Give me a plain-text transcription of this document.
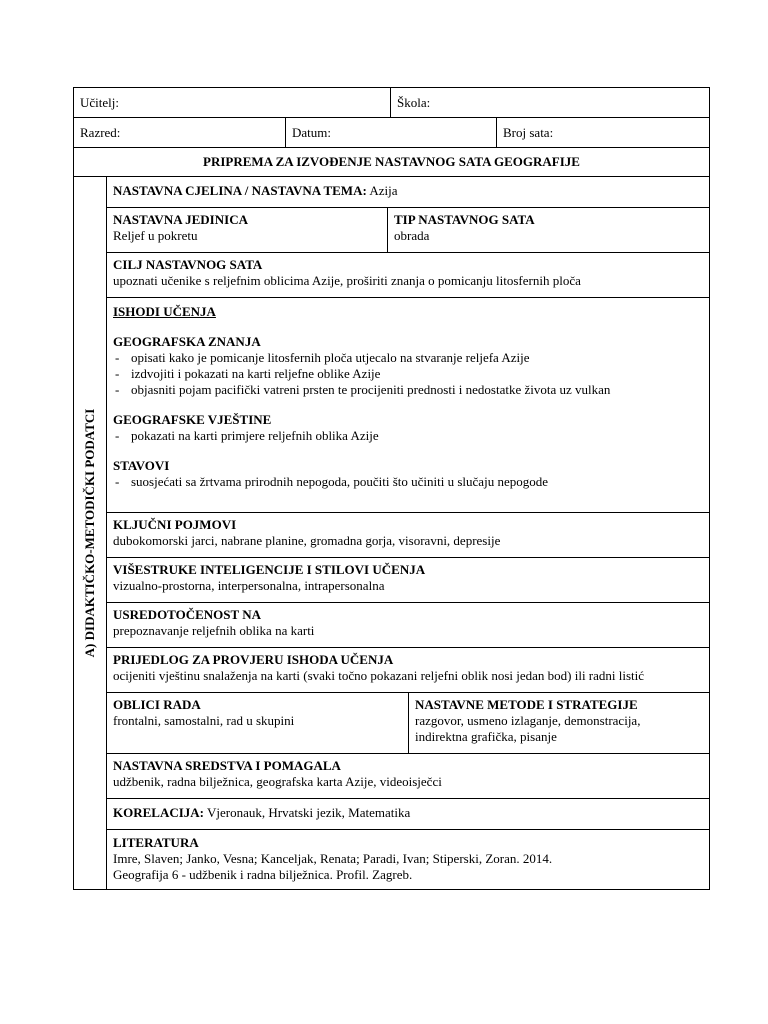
Učitelj:	Škola:
Razred:	Datum:	Broj sata:
PRIPREMA ZA IZVOĐENJE NASTAVNOG SATA GEOGRAFIJE
A) DIDAKTIČKO-METODIČKI PODATCI
NASTAVNA CJELINA / NASTAVNA TEMA: Azija
NASTAVNA JEDINICA
Reljef u pokretu
TIP NASTAVNOG SATA
obrada
CILJ NASTAVNOG SATA
upoznati učenike s reljefnim oblicima Azije, proširiti znanja o pomicanju litosfernih ploča
ISHODI UČENJA
GEOGRAFSKA ZNANJA
- opisati kako je pomicanje litosfernih ploča utjecalo na stvaranje reljefa Azije
- izdvojiti i pokazati na karti reljefne oblike Azije
- objasniti pojam pacifički vatreni prsten te procijeniti prednosti i nedostatke života uz vulkan
GEOGRAFSKE VJEŠTINE
- pokazati na karti primjere reljefnih oblika Azije
STAVOVI
- suosjećati sa žrtvama prirodnih nepogoda, poučiti što učiniti u slučaju nepogode
KLJUČNI POJMOVI
dubokomorski jarci, nabrane planine, gromadna gorja, visoravni, depresije
VIŠESTRUKE INTELIGENCIJE I STILOVI UČENJA
vizualno-prostorna, interpersonalna, intrapersonalna
USREDOTOČENOST NA
prepoznavanje reljefnih oblika na karti
PRIJEDLOG ZA PROVJERU ISHODA UČENJA
ocijeniti vještinu snalaženja na karti (svaki točno pokazani reljefni oblik nosi jedan bod) ili radni listić
OBLICI RADA
frontalni, samostalni, rad u skupini
NASTAVNE METODE I STRATEGIJE
razgovor, usmeno izlaganje, demonstracija,
indirektna grafička, pisanje
NASTAVNA SREDSTVA I POMAGALA
udžbenik, radna bilježnica, geografska karta Azije, videoisječci
KORELACIJA: Vjeronauk, Hrvatski jezik, Matematika
LITERATURA
Imre, Slaven; Janko, Vesna; Kanceljak, Renata; Paradi, Ivan; Stiperski, Zoran. 2014.
Geografija 6 - udžbenik i radna bilježnica. Profil. Zagreb.
